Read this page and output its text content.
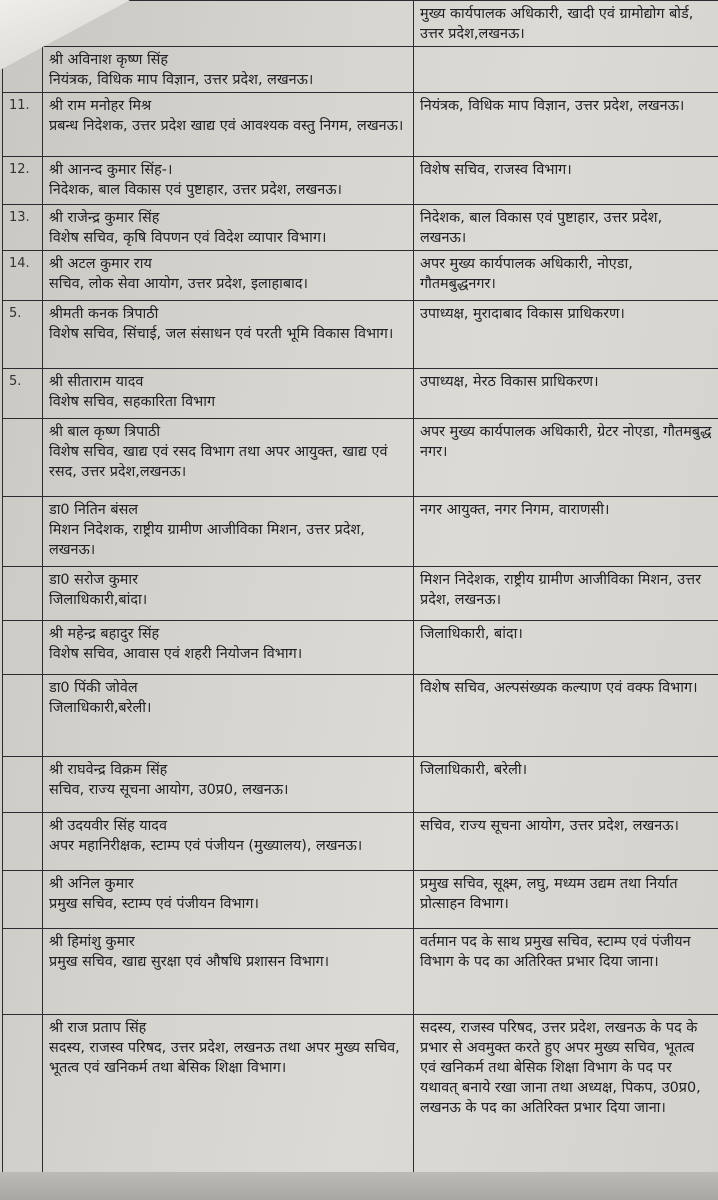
	मुख्य कार्यपालक अधिकारी, खादी एवं ग्रामोद्योग बोर्ड, उत्तर प्रदेश,लखनऊ।

	श्री अविनाश कृष्ण सिंह
नियंत्रक, विधिक माप विज्ञान, उत्तर प्रदेश, लखनऊ।	

11.	श्री राम मनोहर मिश्र
प्रबन्ध निदेशक, उत्तर प्रदेश खाद्य एवं आवश्यक वस्तु निगम, लखनऊ।	नियंत्रक, विधिक माप विज्ञान, उत्तर प्रदेश, लखनऊ।
12.	श्री आनन्द कुमार सिंह-।
निदेशक, बाल विकास एवं पुष्टाहार, उत्तर प्रदेश, लखनऊ।	विशेष सचिव, राजस्व विभाग।
13.	श्री राजेन्द्र कुमार सिंह
विशेष सचिव, कृषि विपणन एवं विदेश व्यापार विभाग।	निदेशक, बाल विकास एवं पुष्टाहार, उत्तर प्रदेश, लखनऊ।
14.	श्री अटल कुमार राय
सचिव, लोक सेवा आयोग, उत्तर प्रदेश, इलाहाबाद।	अपर मुख्य कार्यपालक अधिकारी, नोएडा, गौतमबुद्धनगर।
5.	श्रीमती कनक त्रिपाठी
विशेष सचिव, सिंचाई, जल संसाधन एवं परती भूमि विकास विभाग।	उपाध्यक्ष, मुरादाबाद विकास प्राधिकरण।
5.	श्री सीताराम यादव
विशेष सचिव, सहकारिता विभाग	उपाध्यक्ष, मेरठ विकास प्राधिकरण।

	श्री बाल कृष्ण त्रिपाठी
विशेष सचिव, खाद्य एवं रसद विभाग तथा अपर आयुक्त, खाद्य एवं रसद, उत्तर प्रदेश,लखनऊ।	अपर मुख्य कार्यपालक अधिकारी, ग्रेटर नोएडा, गौतमबुद्ध नगर।

	डा0 नितिन बंसल
मिशन निदेशक, राष्ट्रीय ग्रामीण आजीविका मिशन, उत्तर प्रदेश, लखनऊ।	नगर आयुक्त, नगर निगम, वाराणसी।

	डा0 सरोज कुमार
जिलाधिकारी,बांदा।	मिशन निदेशक, राष्ट्रीय ग्रामीण आजीविका मिशन, उत्तर प्रदेश, लखनऊ।

	श्री महेन्द्र बहादुर सिंह
विशेष सचिव, आवास एवं शहरी नियोजन विभाग।	जिलाधिकारी, बांदा।

	डा0 पिंकी जोवेल
जिलाधिकारी,बरेली।	विशेष सचिव, अल्पसंख्यक कल्याण एवं वक्फ विभाग।

	श्री राघवेन्द्र विक्रम सिंह
सचिव, राज्य सूचना आयोग, उ0प्र0, लखनऊ।	जिलाधिकारी, बरेली।

	श्री उदयवीर सिंह यादव
अपर महानिरीक्षक, स्टाम्प एवं पंजीयन (मुख्यालय), लखनऊ।	सचिव, राज्य सूचना आयोग, उत्तर प्रदेश, लखनऊ।

	श्री अनिल कुमार
प्रमुख सचिव, स्टाम्प एवं पंजीयन विभाग।	प्रमुख सचिव, सूक्ष्म, लघु, मध्यम उद्यम तथा निर्यात प्रोत्साहन विभाग।

	श्री हिमांशु कुमार
प्रमुख सचिव, खाद्य सुरक्षा एवं औषधि प्रशासन विभाग।	वर्तमान पद के साथ प्रमुख सचिव, स्टाम्प एवं पंजीयन विभाग के पद का अतिरिक्त प्रभार दिया जाना।

	श्री राज प्रताप सिंह
सदस्य, राजस्व परिषद, उत्तर प्रदेश, लखनऊ तथा अपर मुख्य सचिव, भूतत्व एवं खनिकर्म तथा बेसिक शिक्षा विभाग।	सदस्य, राजस्व परिषद, उत्तर प्रदेश, लखनऊ के पद के प्रभार से अवमुक्त करते हुए अपर मुख्य सचिव, भूतत्व एवं खनिकर्म तथा बेसिक शिक्षा विभाग के पद पर यथावत् बनाये रखा जाना तथा अध्यक्ष, पिकप, उ0प्र0, लखनऊ के पद का अतिरिक्त प्रभार दिया जाना।
